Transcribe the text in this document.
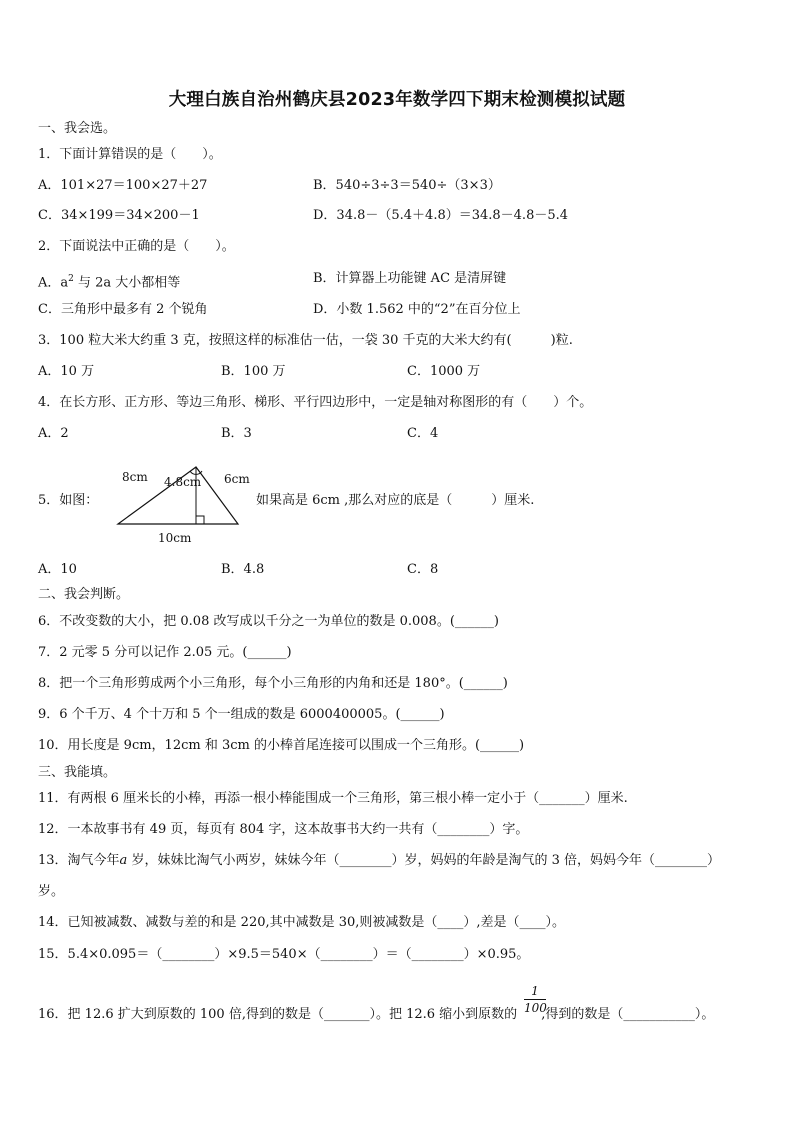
大理白族自治州鹤庆县2023年数学四下期末检测模拟试题
一、我会选。
1．下面计算错误的是（　　）。
A．101×27＝100×27＋27	B．540÷3÷3＝540÷（3×3）
C．34×199＝34×200－1	D．34.8－（5.4＋4.8）＝34.8－4.8－5.4
2．下面说法中正确的是（　　）。
A．$a^2$ 与 2a 大小都相等	B．计算器上功能键 AC 是清屏键
C．三角形中最多有 2 个锐角	D．小数 1.562 中的“2”在百分位上
3．100 粒大米大约重 3 克，按照这样的标准估一估，一袋 30 千克的大米大约有(　　　)粒.
A．10 万	B．100 万	C．1000 万
4．在长方形、正方形、等边三角形、梯形、平行四边形中，一定是轴对称图形的有（　　）个。
A．2	B．3	C．4
5．如图：
8cm 4.8cm 6cm
10cm
如果高是 6cm ,那么对应的底是（　　　）厘米.
A．10	B．4.8	C．8
二、我会判断。
6．不改变数的大小，把 0.08 改写成以千分之一为单位的数是 0.008。(______)
7．2 元零 5 分可以记作 2.05 元。(______)
8．把一个三角形剪成两个小三角形，每个小三角形的内角和还是 180°。(______)
9．6 个千万、4 个十万和 5 个一组成的数是 6000400005。(______)
10．用长度是 9cm，12cm 和 3cm 的小棒首尾连接可以围成一个三角形。(______)
三、我能填。
11．有两根 6 厘米长的小棒，再添一根小棒能围成一个三角形，第三根小棒一定小于（_______）厘米.
12．一本故事书有 49 页，每页有 804 字，这本故事书大约一共有（________）字。
13．淘气今年a 岁，妹妹比淘气小两岁，妹妹今年（________）岁，妈妈的年龄是淘气的 3 倍，妈妈今年（________）
岁。
14．已知被减数、减数与差的和是 220,其中减数是 30,则被减数是（____）,差是（____）。
15．5.4×0.095＝（________）×9.5＝540×（________）＝（________）×0.95。
16．把 12.6 扩大到原数的 100 倍,得到的数是（_______）。把 12.6 缩小到原数的 ,得到的数是（___________）。
1
100
